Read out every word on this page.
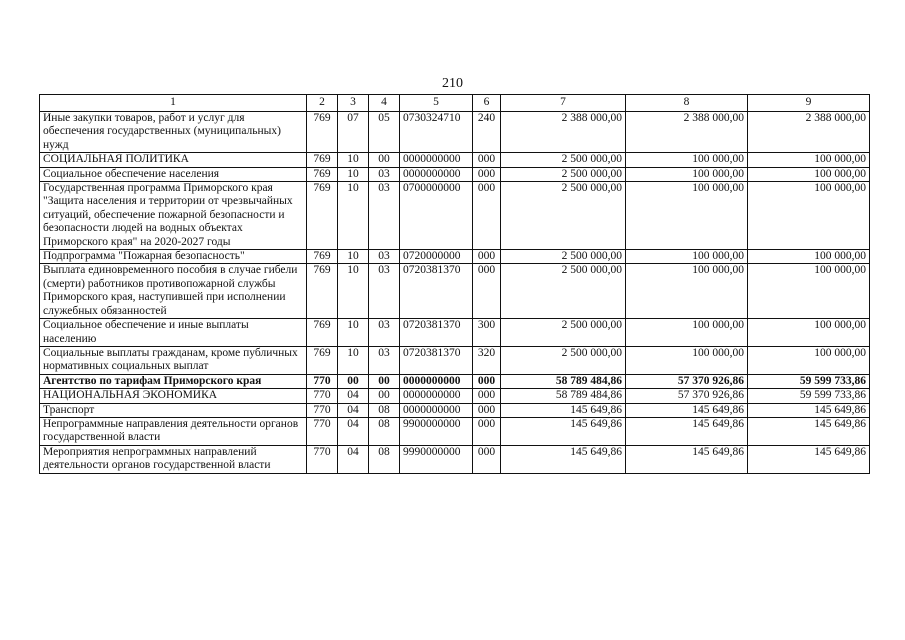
210
1	2	3	4	5	6	7	8	9
Иные закупки товаров, работ и услуг для обеспечения государственных (муниципальных) нужд	769	07	05	0730324710	240	2 388 000,00	2 388 000,00	2 388 000,00
СОЦИАЛЬНАЯ ПОЛИТИКА	769	10	00	0000000000	000	2 500 000,00	100 000,00	100 000,00
Социальное обеспечение населения	769	10	03	0000000000	000	2 500 000,00	100 000,00	100 000,00
Государственная программа Приморского края "Защита населения и территории от чрезвычайных ситуаций, обеспечение пожарной безопасности и безопасности людей на водных объектах Приморского края" на 2020-2027 годы	769	10	03	0700000000	000	2 500 000,00	100 000,00	100 000,00
Подпрограмма "Пожарная безопасность"	769	10	03	0720000000	000	2 500 000,00	100 000,00	100 000,00
Выплата единовременного пособия в случае гибели (смерти) работников противопожарной службы Приморского края, наступившей при исполнении служебных обязанностей	769	10	03	0720381370	000	2 500 000,00	100 000,00	100 000,00
Социальное обеспечение и иные выплаты населению	769	10	03	0720381370	300	2 500 000,00	100 000,00	100 000,00
Социальные выплаты гражданам, кроме публичных нормативных социальных выплат	769	10	03	0720381370	320	2 500 000,00	100 000,00	100 000,00
Агентство по тарифам Приморского края	770	00	00	0000000000	000	58 789 484,86	57 370 926,86	59 599 733,86
НАЦИОНАЛЬНАЯ ЭКОНОМИКА	770	04	00	0000000000	000	58 789 484,86	57 370 926,86	59 599 733,86
Транспорт	770	04	08	0000000000	000	145 649,86	145 649,86	145 649,86
Непрограммные направления деятельности органов государственной власти	770	04	08	9900000000	000	145 649,86	145 649,86	145 649,86
Мероприятия непрограммных направлений деятельности органов государственной власти	770	04	08	9990000000	000	145 649,86	145 649,86	145 649,86
